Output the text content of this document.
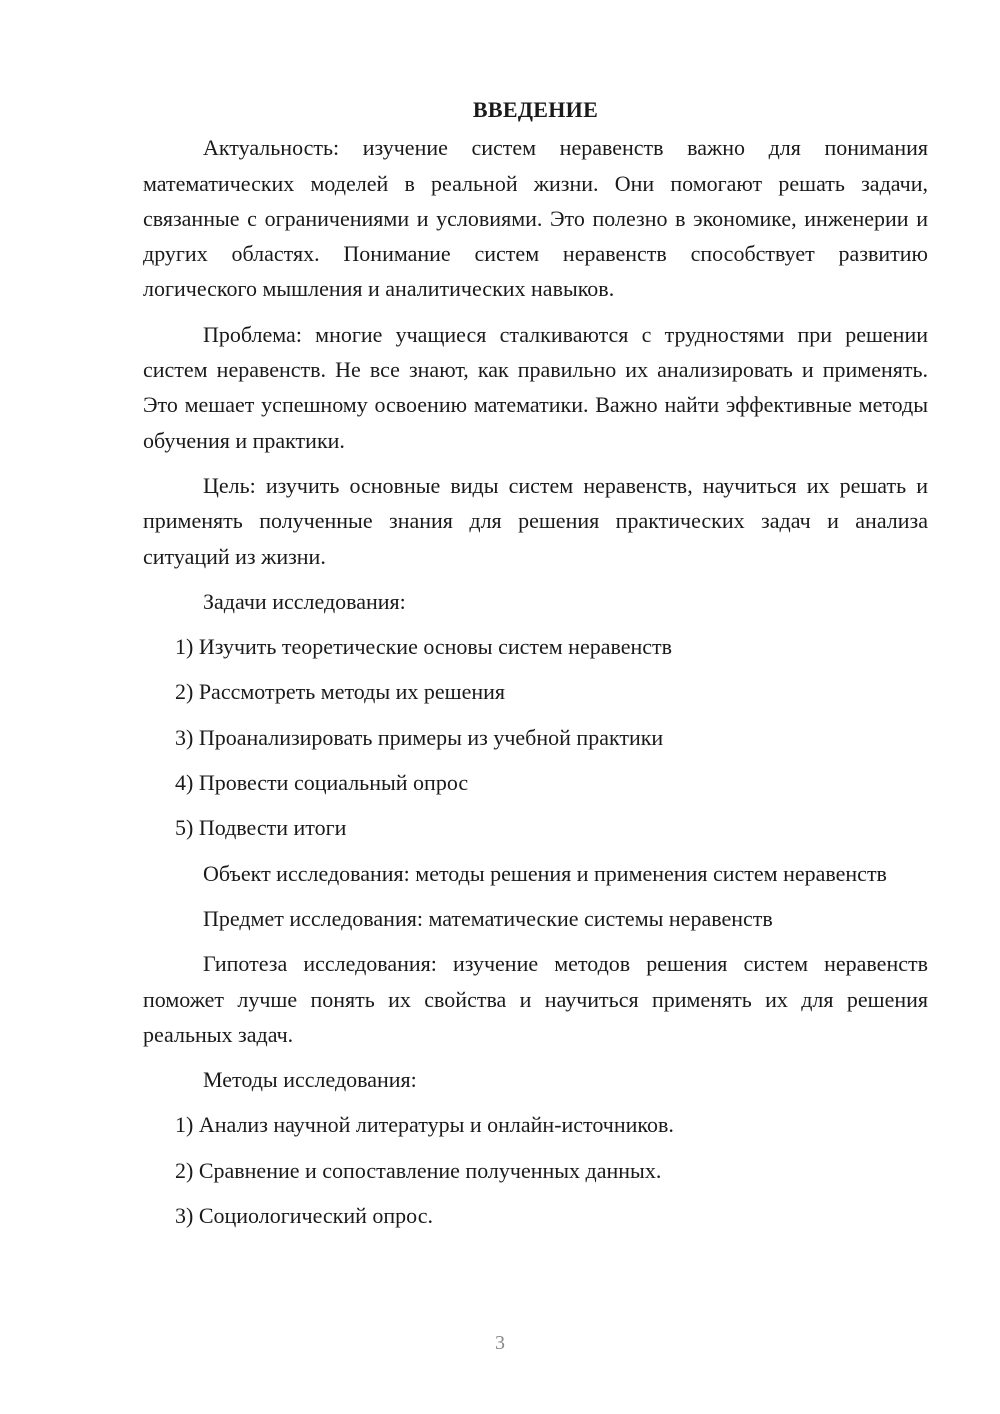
ВВЕДЕНИЕ
Актуальность: изучение систем неравенств важно для понимания математических моделей в реальной жизни. Они помогают решать задачи, связанные с ограничениями и условиями. Это полезно в экономике, инженерии и других областях. Понимание систем неравенств способствует развитию логического мышления и аналитических навыков.
Проблема: многие учащиеся сталкиваются с трудностями при решении систем неравенств. Не все знают, как правильно их анализировать и применять. Это мешает успешному освоению математики. Важно найти эффективные методы обучения и практики.
Цель: изучить основные виды систем неравенств, научиться их решать и применять полученные знания для решения практических задач и анализа ситуаций из жизни.
Задачи исследования:
1) Изучить теоретические основы систем неравенств
2) Рассмотреть методы их решения
3) Проанализировать примеры из учебной практики
4) Провести социальный опрос
5) Подвести итоги
Объект исследования: методы решения и применения систем неравенств
Предмет исследования: математические системы неравенств
Гипотеза исследования: изучение методов решения систем неравенств поможет лучше понять их свойства и научиться применять их для решения реальных задач.
Методы исследования:
1) Анализ научной литературы и онлайн-источников.
2) Сравнение и сопоставление полученных данных.
3) Социологический опрос.
3
